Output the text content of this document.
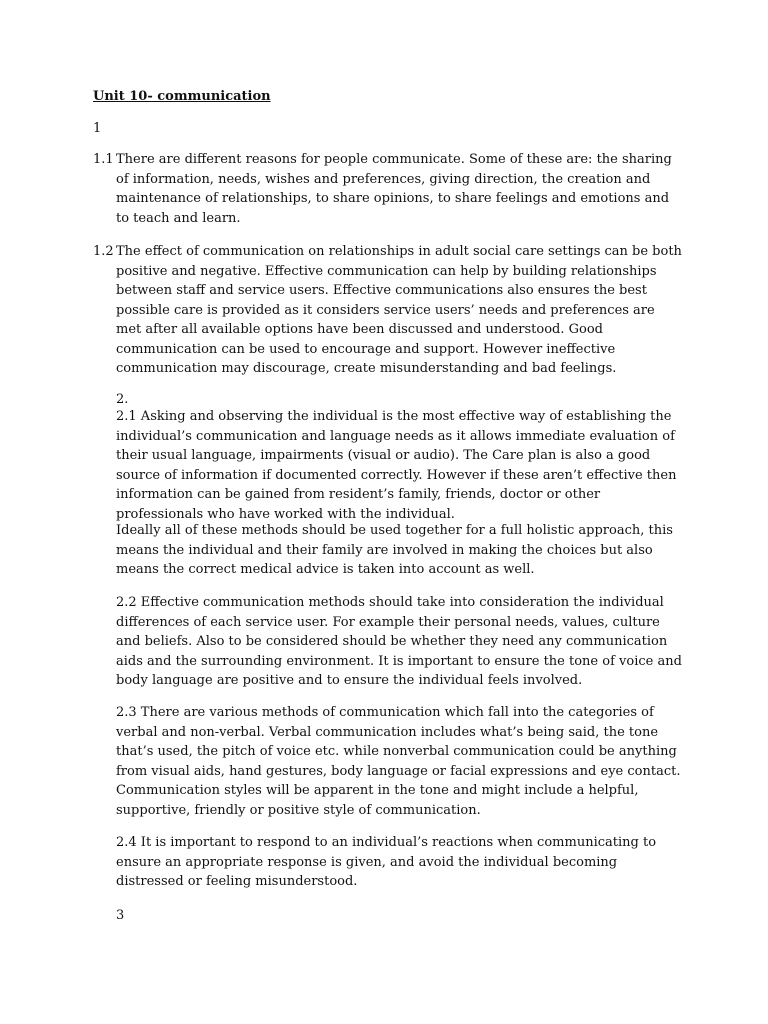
Unit 10- communication
1

1.1 There are different reasons for people communicate. Some of these are: the sharing of information, needs, wishes and preferences, giving direction, the creation and maintenance of relationships, to share opinions, to share feelings and emotions and to teach and learn.

1.2 The effect of communication on relationships in adult social care settings can be both positive and negative. Effective communication can help by building relationships between staff and service users. Effective communications also ensures the best possible care is provided as it considers service users’ needs and preferences are met after all available options have been discussed and understood. Good communication can be used to encourage and support. However ineffective communication may discourage, create misunderstanding and bad feelings.

2.

2.1 Asking and observing the individual is the most effective way of establishing the individual’s communication and language needs as it allows immediate evaluation of their usual language, impairments (visual or audio). The Care plan is also a good source of information if documented correctly. However if these aren’t effective then information can be gained from resident’s family, friends, doctor or other professionals who have worked with the individual.

Ideally all of these methods should be used together for a full holistic approach, this means the individual and their family are involved in making the choices but also means the correct medical advice is taken into account as well.

2.2 Effective communication methods should take into consideration the individual differences of each service user. For example their personal needs, values, culture and beliefs. Also to be considered should be whether they need any communication aids and the surrounding environment. It is important to ensure the tone of voice and body language are positive and to ensure the individual feels involved.

2.3 There are various methods of communication which fall into the categories of verbal and non-verbal. Verbal communication includes what’s being said, the tone that’s used, the pitch of voice etc. while nonverbal communication could be anything from visual aids, hand gestures, body language or facial expressions and eye contact. Communication styles will be apparent in the tone and might include a helpful, supportive, friendly or positive style of communication.

2.4 It is important to respond to an individual’s reactions when communicating to ensure an appropriate response is given, and avoid the individual becoming distressed or feeling misunderstood.

3
